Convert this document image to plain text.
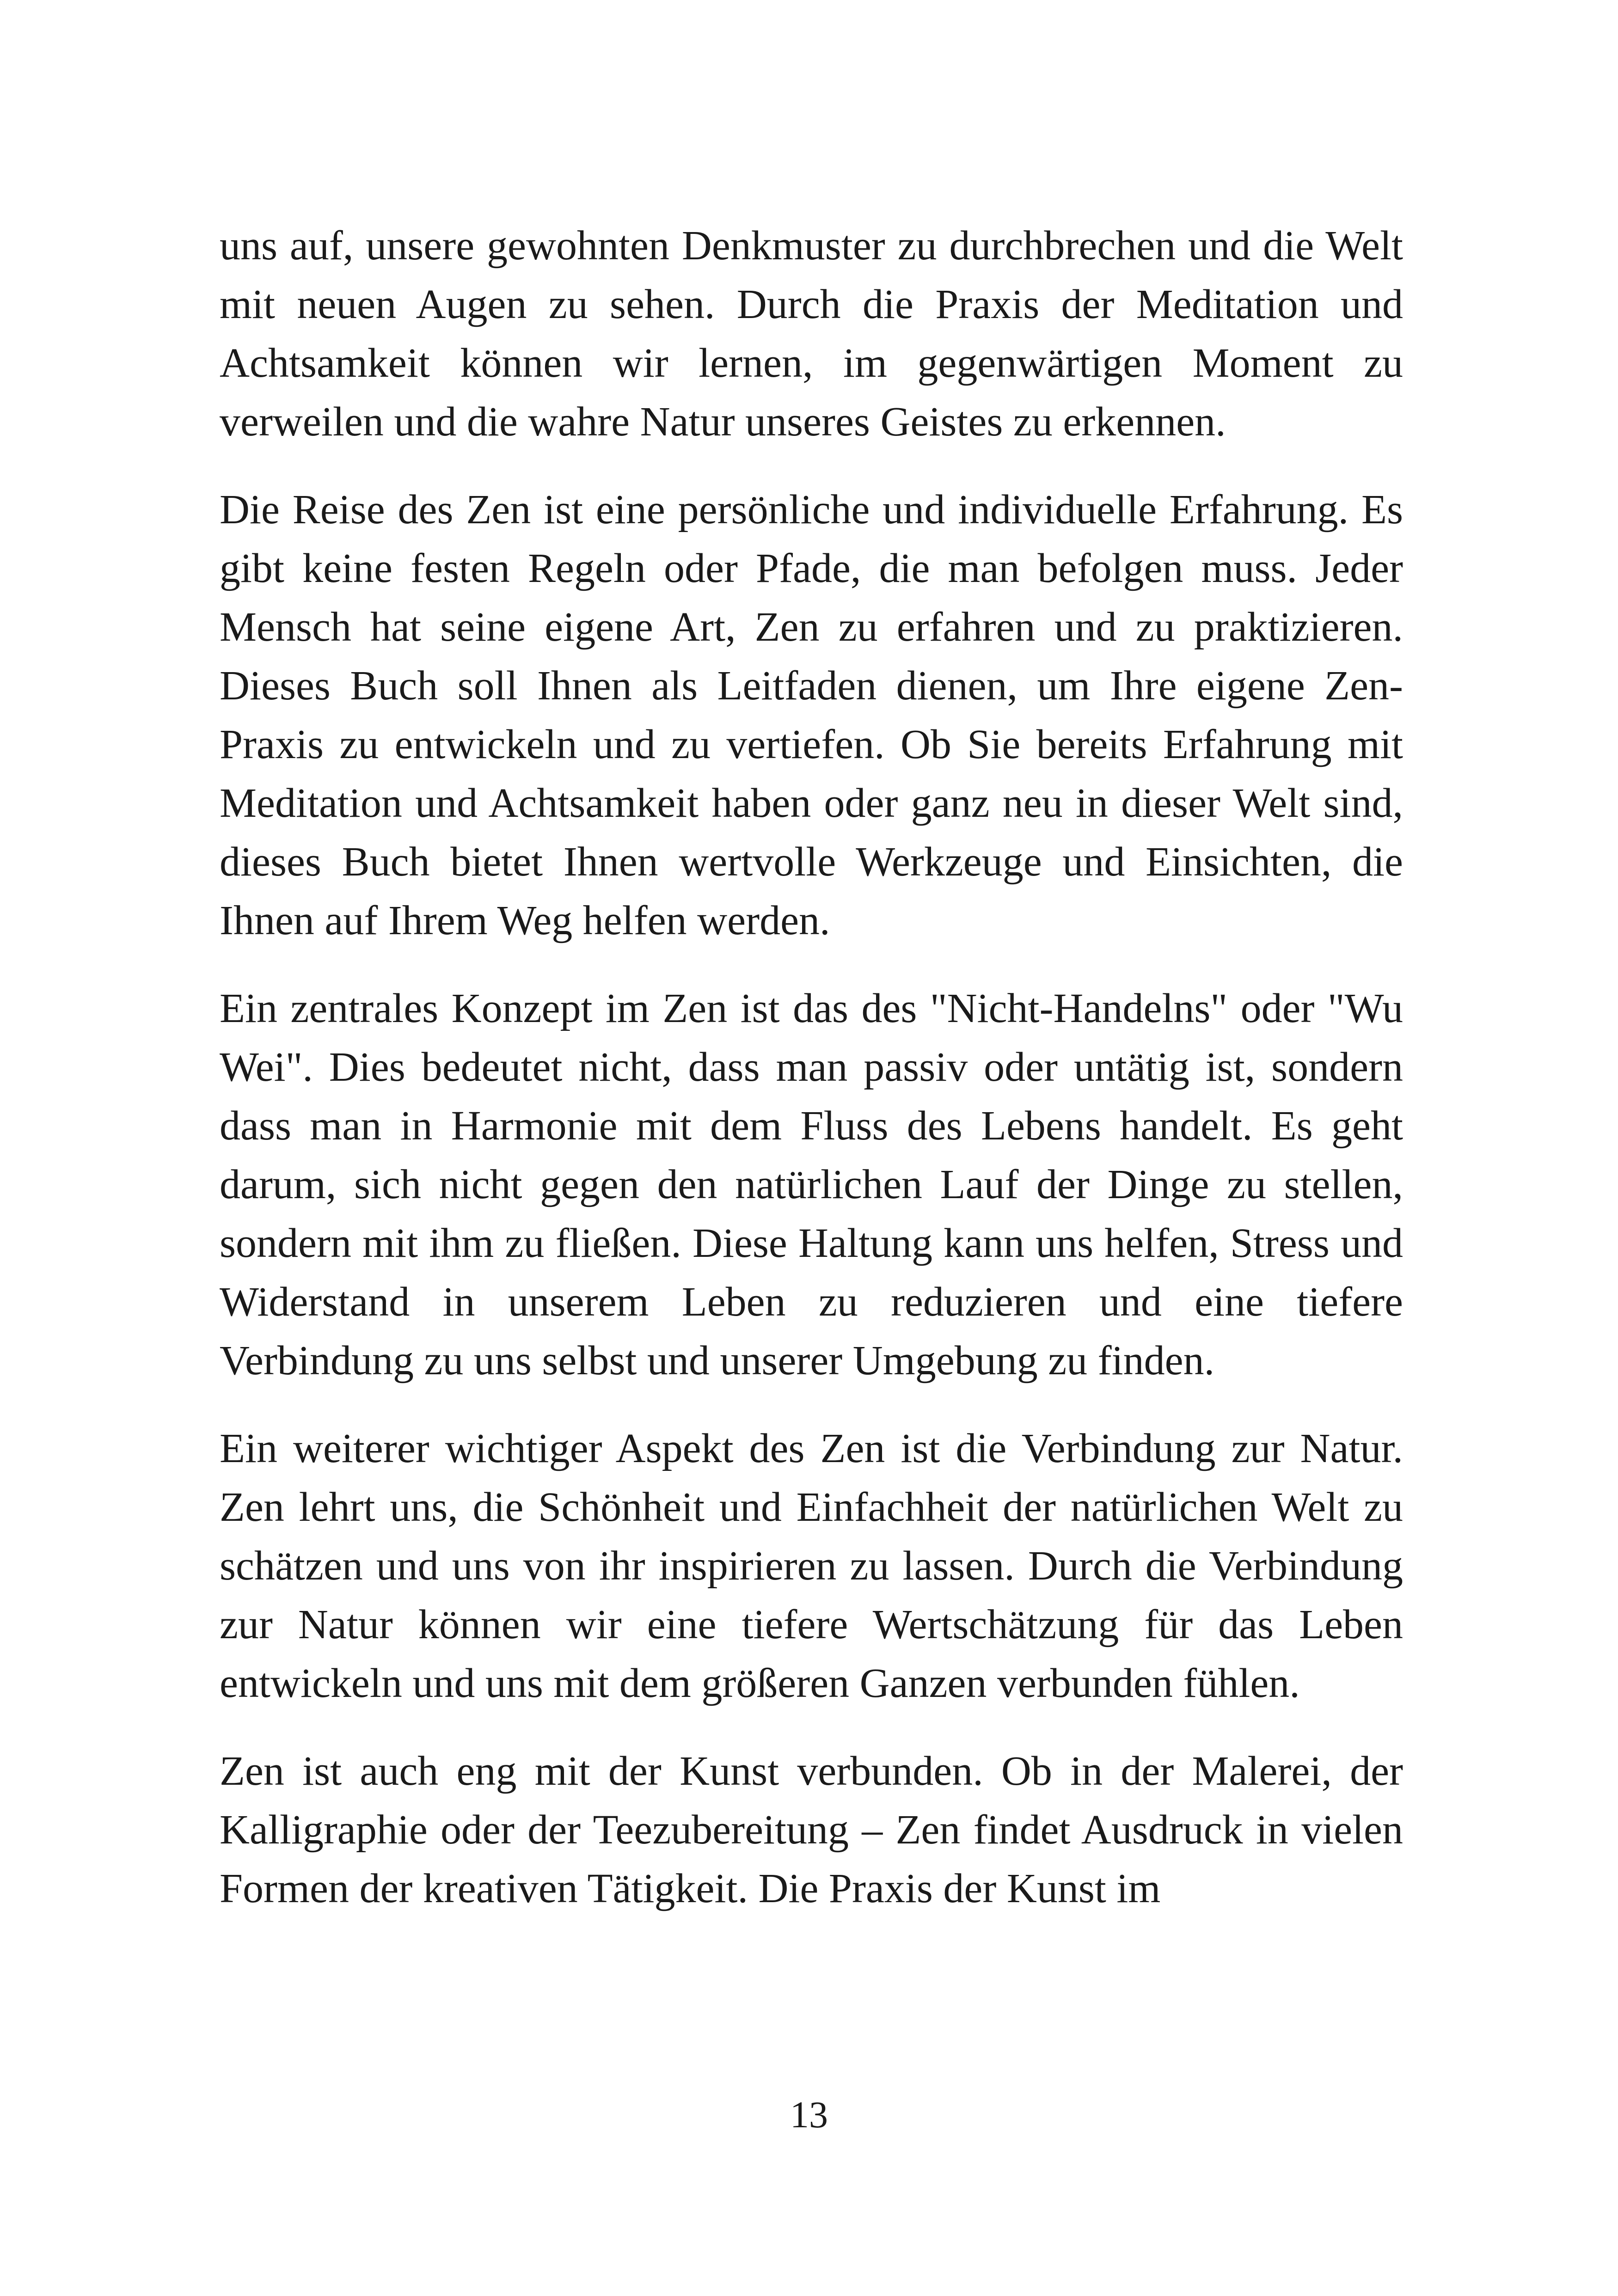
uns auf, unsere gewohnten Denkmuster zu durchbrechen und die Welt mit neuen Augen zu sehen. Durch die Praxis der Meditation und Achtsamkeit können wir lernen, im gegenwärtigen Moment zu verweilen und die wahre Natur unseres Geistes zu erkennen.

Die Reise des Zen ist eine persönliche und individuelle Erfahrung. Es gibt keine festen Regeln oder Pfade, die man befolgen muss. Jeder Mensch hat seine eigene Art, Zen zu erfahren und zu praktizieren. Dieses Buch soll Ihnen als Leitfaden dienen, um Ihre eigene Zen-Praxis zu entwickeln und zu vertiefen. Ob Sie bereits Erfahrung mit Meditation und Achtsamkeit haben oder ganz neu in dieser Welt sind, dieses Buch bietet Ihnen wertvolle Werkzeuge und Einsichten, die Ihnen auf Ihrem Weg helfen werden.

Ein zentrales Konzept im Zen ist das des "Nicht-Handelns" oder "Wu Wei". Dies bedeutet nicht, dass man passiv oder untätig ist, sondern dass man in Harmonie mit dem Fluss des Lebens handelt. Es geht darum, sich nicht gegen den natürlichen Lauf der Dinge zu stellen, sondern mit ihm zu fließen. Diese Haltung kann uns helfen, Stress und Widerstand in unserem Leben zu reduzieren und eine tiefere Verbindung zu uns selbst und unserer Umgebung zu finden.

Ein weiterer wichtiger Aspekt des Zen ist die Verbindung zur Natur. Zen lehrt uns, die Schönheit und Einfachheit der natürlichen Welt zu schätzen und uns von ihr inspirieren zu lassen. Durch die Verbindung zur Natur können wir eine tiefere Wertschätzung für das Leben entwickeln und uns mit dem größeren Ganzen verbunden fühlen.

Zen ist auch eng mit der Kunst verbunden. Ob in der Malerei, der Kalligraphie oder der Teezubereitung – Zen findet Ausdruck in vielen Formen der kreativen Tätigkeit. Die Praxis der Kunst im

13
